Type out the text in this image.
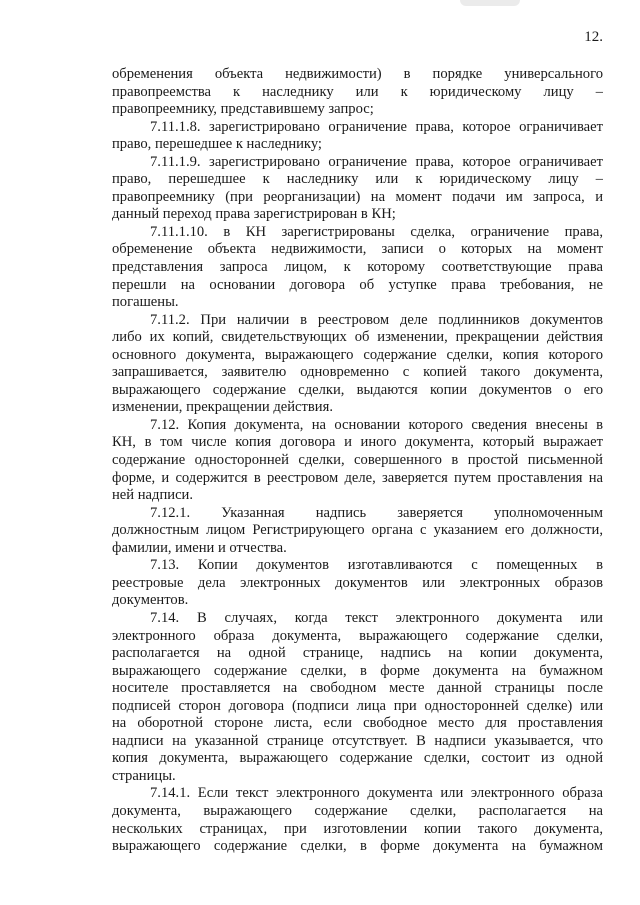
12.
обременения объекта недвижимости) в порядке универсального
правопреемства к наследнику или к юридическому лицу –
правопреемнику, представившему запрос;
7.11.1.8. зарегистрировано ограничение права, которое ограничивает
право, перешедшее к наследнику;
7.11.1.9. зарегистрировано ограничение права, которое ограничивает
право, перешедшее к наследнику или к юридическому лицу –
правопреемнику (при реорганизации) на момент подачи им запроса, и
данный переход права зарегистрирован в КН;
7.11.1.10. в КН зарегистрированы сделка, ограничение права,
обременение объекта недвижимости, записи о которых на момент
представления запроса лицом, к которому соответствующие права
перешли на основании договора об уступке права требования, не
погашены.
7.11.2. При наличии в реестровом деле подлинников документов
либо их копий, свидетельствующих об изменении, прекращении действия
основного документа, выражающего содержание сделки, копия которого
запрашивается, заявителю одновременно с копией такого документа,
выражающего содержание сделки, выдаются копии документов о его
изменении, прекращении действия.
7.12. Копия документа, на основании которого сведения внесены в
КН, в том числе копия договора и иного документа, который выражает
содержание односторонней сделки, совершенного в простой письменной
форме, и содержится в реестровом деле, заверяется путем проставления на
ней надписи.
7.12.1. Указанная надпись заверяется уполномоченным
должностным лицом Регистрирующего органа с указанием его должности,
фамилии, имени и отчества.
7.13. Копии документов изготавливаются с помещенных в
реестровые дела электронных документов или электронных образов
документов.
7.14. В случаях, когда текст электронного документа или
электронного образа документа, выражающего содержание сделки,
располагается на одной странице, надпись на копии документа,
выражающего содержание сделки, в форме документа на бумажном
носителе проставляется на свободном месте данной страницы после
подписей сторон договора (подписи лица при односторонней сделке) или
на оборотной стороне листа, если свободное место для проставления
надписи на указанной странице отсутствует. В надписи указывается, что
копия документа, выражающего содержание сделки, состоит из одной
страницы.
7.14.1. Если текст электронного документа или электронного образа
документа, выражающего содержание сделки, располагается на
нескольких страницах, при изготовлении копии такого документа,
выражающего содержание сделки, в форме документа на бумажном
